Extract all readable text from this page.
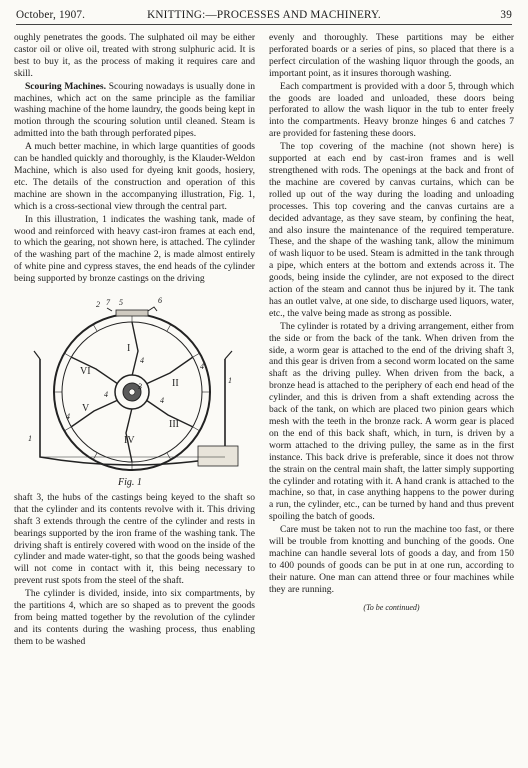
October, 1907.	KNITTING:—PROCESSES AND MACHINERY.	39

oughly penetrates the goods. The sulphated oil may be either castor oil or olive oil, treated with strong sulphuric acid. It is best to buy it, as the process of making it requires care and skill.

Scouring Machines. Scouring nowadays is usually done in machines, which act on the same principle as the familiar washing machine of the home laundry, the goods being kept in motion through the scouring solution until cleaned. Steam is admitted into the bath through perforated pipes.

A much better machine, in which large quantities of goods can be handled quickly and thoroughly, is the Klauder-Weldon Machine, which is also used for dyeing knit goods, hosiery, etc. The details of the construction and operation of this machine are shown in the accompanying illustration, Fig. 1, which is a cross-sectional view through the central part.

In this illustration, 1 indicates the washing tank, made of wood and reinforced with heavy cast-iron frames at each end, to which the gearing, not shown here, is attached. The cylinder of the washing part of the machine 2, is made almost entirely of white pine and cypress staves, the end heads of the cylinder being supported by bronze castings on the driving

I
II
III
IV
V
VI
2 5	6
7
1
1
3
4
4
4
4
4
Fig. 1

shaft 3, the hubs of the castings being keyed to the shaft so that the cylinder and its contents revolve with it. This driving shaft 3 extends through the centre of the cylinder and rests in bearings supported by the iron frame of the washing tank. The driving shaft is entirely covered with wood on the inside of the cylinder and made water-tight, so that the goods being washed will not come in contact with it, this being necessary to prevent rust spots from the steel of the shaft.

The cylinder is divided, inside, into six compartments, by the partitions 4, which are so shaped as to prevent the goods from being matted together by the revolution of the cylinder and its contents during the washing process, thus enabling them to be washed

evenly and thoroughly. These partitions may be either perforated boards or a series of pins, so placed that there is a perfect circulation of the washing liquor through the goods, an important point, as it insures thorough washing.

Each compartment is provided with a door 5, through which the goods are loaded and unloaded, these doors being perforated to allow the wash liquor in the tub to enter freely into the compartments. Heavy bronze hinges 6 and catches 7 are provided for fastening these doors.

The top covering of the machine (not shown here) is supported at each end by cast-iron frames and is well strengthened with rods. The openings at the back and front of the machine are covered by canvas curtains, which can be rolled up out of the way during the loading and unloading processes. This top covering and the canvas curtains are a decided advantage, as they save steam, by confining the heat, and also insure the maintenance of the required temperature. These, and the shape of the washing tank, allow the minimum of wash liquor to be used. Steam is admitted in the tank through a pipe, which enters at the bottom and extends across it. The goods, being inside the cylinder, are not exposed to the direct action of the steam and cannot thus be injured by it. The tank has an outlet valve, at one side, to discharge used liquors, water, etc., the valve being made as strong as possible.

The cylinder is rotated by a driving arrangement, either from the side or from the back of the tank. When driven from the side, a worm gear is attached to the end of the driving shaft 3, and this gear is driven from a second worm located on the same shaft as the driving pulley. When driven from the back, a bronze head is attached to the periphery of each end head of the cylinder, and this is driven from a shaft extending across the back of the tank, on which are placed two pinion gears which mesh with the teeth in the bronze rack. A worm gear is placed on the end of this back shaft, which, in turn, is driven by a worm attached to the driving pulley, the same as in the first instance. This back drive is preferable, since it does not throw the strain on the central main shaft, the latter simply supporting the cylinder and rotating with it. A hand crank is attached to the machine, so that, in case anything happens to the power during a run, the cylinder, etc., can be turned by hand and thus prevent spoiling the batch of goods.

Care must be taken not to run the machine too fast, or there will be trouble from knotting and bunching of the goods. One machine can handle several lots of goods a day, and from 150 to 400 pounds of goods can be put in at one run, according to their nature. One man can attend three or four machines while they are running.

(To be continued)
